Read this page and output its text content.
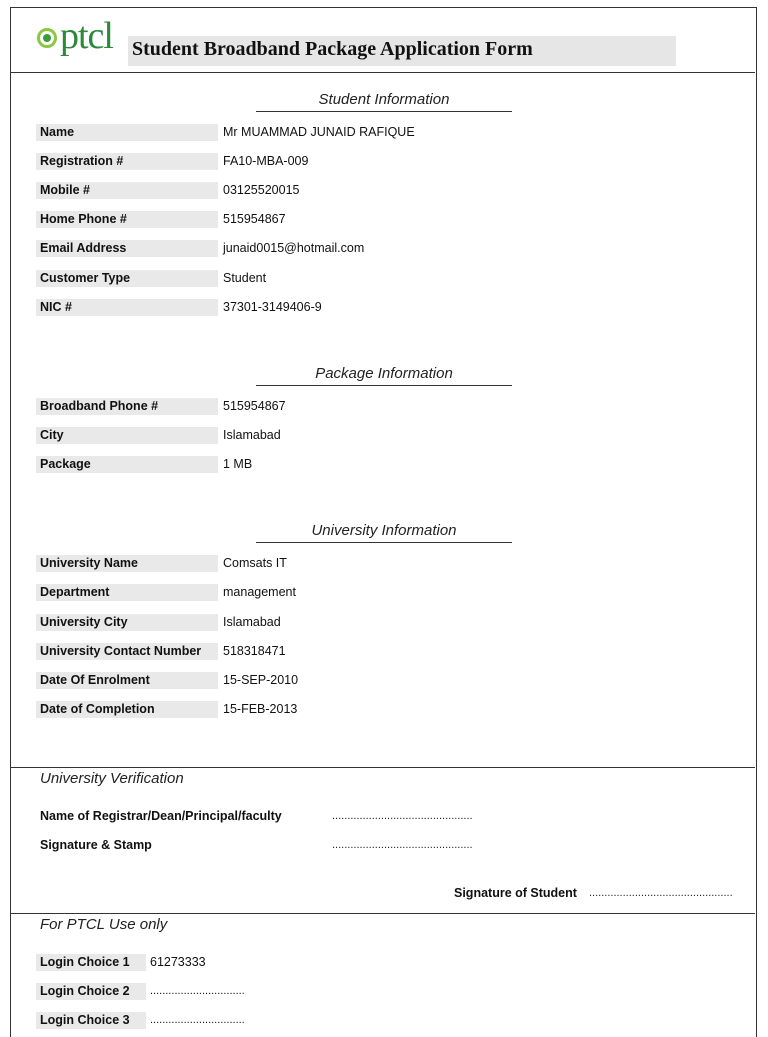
ptcl Student Broadband Package Application Form
Student Information
Name	Mr MUAMMAD JUNAID RAFIQUE
Registration #	FA10-MBA-009
Mobile #	03125520015
Home Phone #	515954867
Email Address	junaid0015@hotmail.com
Customer Type	Student
NIC #	37301-3149406-9
Package Information
Broadband Phone #	515954867
City	Islamabad
Package	1 MB
University Information
University Name	Comsats IT
Department	management
University City	Islamabad
University Contact Number	518318471
Date Of Enrolment	15-SEP-2010
Date of Completion	15-FEB-2013
University Verification
Name of Registrar/Dean/Principal/faculty	..............................................
Signature & Stamp	..............................................
Signature of Student ...............................................
For PTCL Use only
Login Choice 1	61273333
Login Choice 2	...............................
Login Choice 3	...............................
